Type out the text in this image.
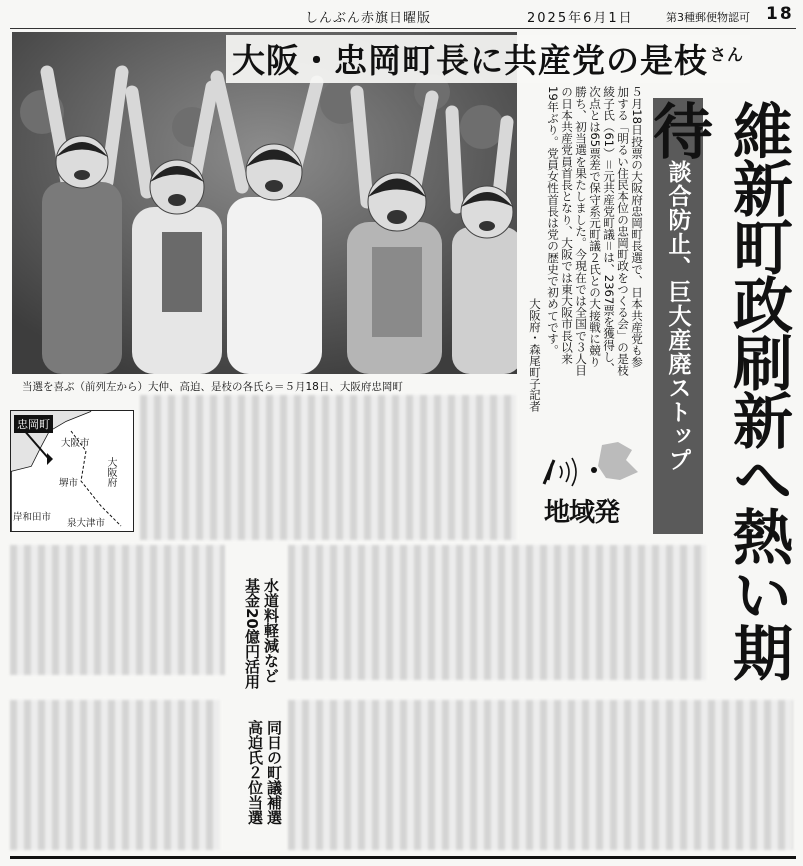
しんぶん赤旗日曜版	2025年6月1日	第3種郵便物認可 18
大阪・忠岡町長に共産党の是枝 $^{さん}$
当選を喜ぶ（前列左から）大仲、高迫、是枝の各氏ら＝５月18日、大阪府忠岡町
５月18日投票の大阪府忠岡町長選で、日本共産党も参加する「明るい住民本位の忠岡町政をつくる会」の是枝綾子氏（61）＝元共産党町議＝は、2367票を獲得し、次点とは65票差で保守系元町議２氏との大接戦に競り勝ち、初当選を果たしました。今現在では全国で３人目の日本共産党員首長となり、大阪では東大阪市長以来19年ぶり。党員女性首長は党の歴史で初めてです。
大阪府・森尾町子記者	談合防止、巨大産廃ストップ 維新町政刷新へ熱い期待
地域発
忠岡町
大阪市
大阪府
堺市
岸和田市
泉大津市
水道料軽減など
基金20億円活用
同日の町議補選
高迫氏２位当選
